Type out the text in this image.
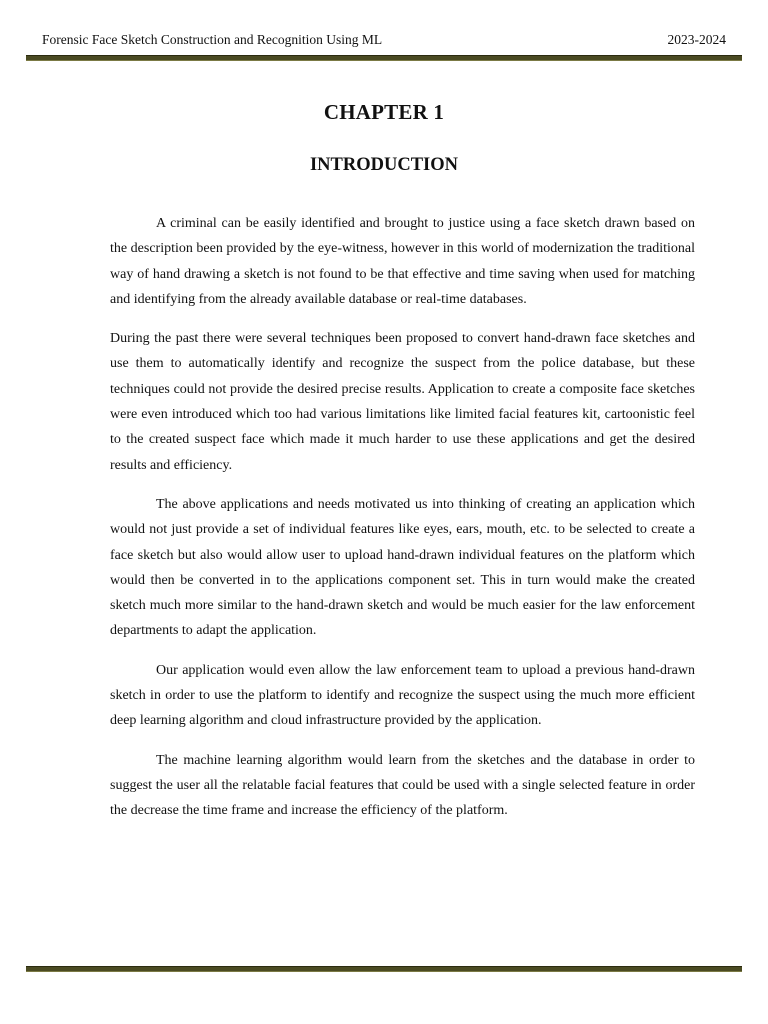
Forensic Face Sketch Construction and Recognition Using ML	2023-2024
CHAPTER 1
INTRODUCTION

A criminal can be easily identified and brought to justice using a face sketch drawn based on the description been provided by the eye-witness, however in this world of modernization the traditional way of hand drawing a sketch is not found to be that effective and time saving when used for matching and identifying from the already available database or real-time databases.

During the past there were several techniques been proposed to convert hand-drawn face sketches and use them to automatically identify and recognize the suspect from the police database, but these techniques could not provide the desired precise results. Application to create a composite face sketches were even introduced which too had various limitations like limited facial features kit, cartoonistic feel to the created suspect face which made it much harder to use these applications and get the desired results and efficiency.

The above applications and needs motivated us into thinking of creating an application which would not just provide a set of individual features like eyes, ears, mouth, etc. to be selected to create a face sketch but also would allow user to upload hand-drawn individual features on the platform which would then be converted in to the applications component set. This in turn would make the created sketch much more similar to the hand-drawn sketch and would be much easier for the law enforcement departments to adapt the application.

Our application would even allow the law enforcement team to upload a previous hand-drawn sketch in order to use the platform to identify and recognize the suspect using the much more efficient deep learning algorithm and cloud infrastructure provided by the application.

The machine learning algorithm would learn from the sketches and the database in order to suggest the user all the relatable facial features that could be used with a single selected feature in order the decrease the time frame and increase the efficiency of the platform.
